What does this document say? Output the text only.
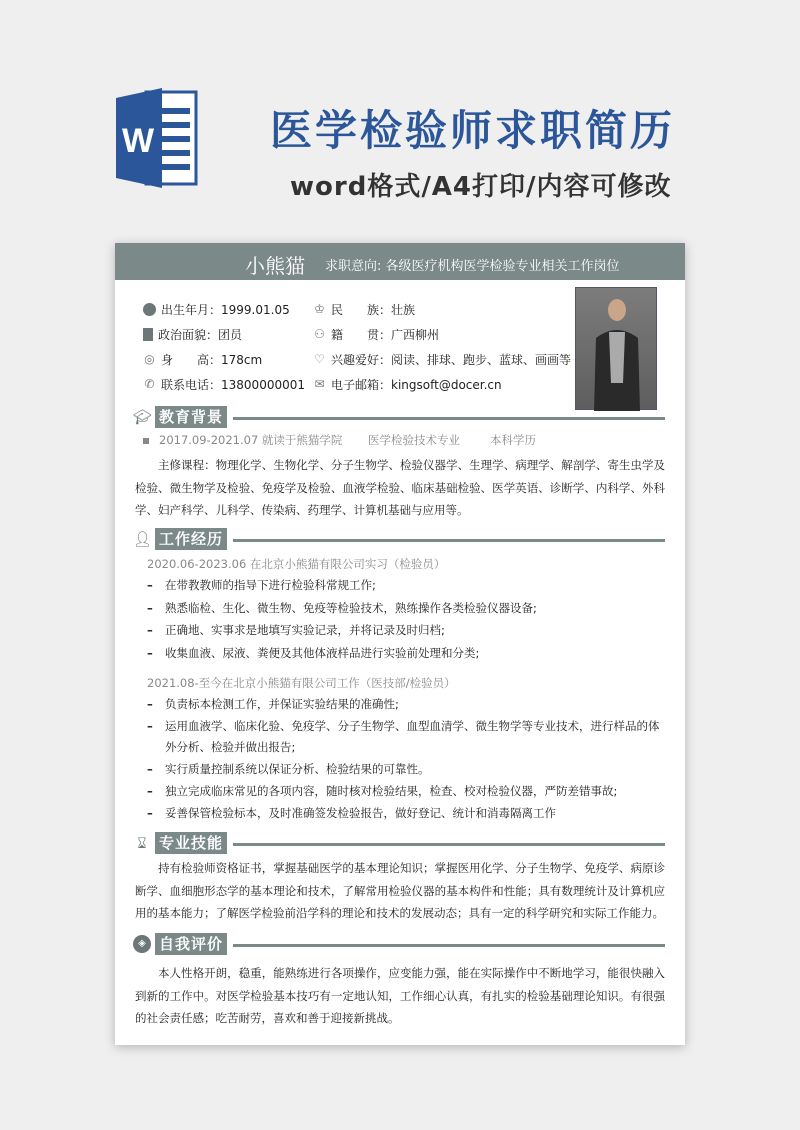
W	医学检验师求职简历
word格式/A4打印/内容可修改
小熊猫 求职意向: 各级医疗机构医学检验专业相关工作岗位
出生年月： 1999.01.05 ♔ 民　　族： 壮族
政治面貌： 团员	⚇ 籍　　贯： 广西柳州
◎ 身　　高： 178cm	♡ 兴趣爱好： 阅读、排球、跑步、蓝球、画画等
✆ 联系电话： 13800000001 ✉ 电子邮箱： kingsoft@docer.cn
🎓︎ 教育背景
2017.09-2021.07 就读于熊猫学院 医学检验技术专业	本科学历
主修课程：物理化学、生物化学、分子生物学、检验仪器学、生理学、病理学、解剖学、寄生虫学及检验、微生物学及检验、免疫学及检验、血液学检验、临床基础检验、医学英语、诊断学、内科学、外科学、妇产科学、儿科学、传染病、药理学、计算机基础与应用等。
👤︎ 工作经历
2020.06-2023.06 在北京小熊猫有限公司实习（检验员）
–	在带教教师的指导下进行检验科常规工作;
–	熟悉临检、生化、微生物、免疫等检验技术，熟练操作各类检验仪器设备;
–	正确地、实事求是地填写实验记录，并将记录及时归档;
–	收集血液、尿液、粪便及其他体液样品进行实验前处理和分类;
2021.08-至今在北京小熊猫有限公司工作（医技部/检验员）
–	负责标本检测工作，并保证实验结果的准确性;
–	运用血液学、临床化验、免疫学、分子生物学、血型血清学、微生物学等专业技术，进行样品的体外分析、检验并做出报告;
–	实行质量控制系统以保证分析、检验结果的可靠性。
–	独立完成临床常见的各项内容，随时核对检验结果，检查、校对检验仪器，严防差错事故;
–	妥善保管检验标本，及时准确签发检验报告，做好登记、统计和消毒隔离工作
⌛︎ 专业技能
持有检验师资格证书，掌握基础医学的基本理论知识；掌握医用化学、分子生物学、免疫学、病原诊断学、血细胞形态学的基本理论和技术，了解常用检验仪器的基本构件和性能；具有数理统计及计算机应用的基本能力；了解医学检验前沿学科的理论和技术的发展动态；具有一定的科学研究和实际工作能力。
◈ 自我评价
本人性格开朗，稳重，能熟练进行各项操作，应变能力强，能在实际操作中不断地学习，能很快融入到新的工作中。对医学检验基本技巧有一定地认知，工作细心认真，有扎实的检验基础理论知识。有很强的社会责任感；吃苦耐劳，喜欢和善于迎接新挑战。
